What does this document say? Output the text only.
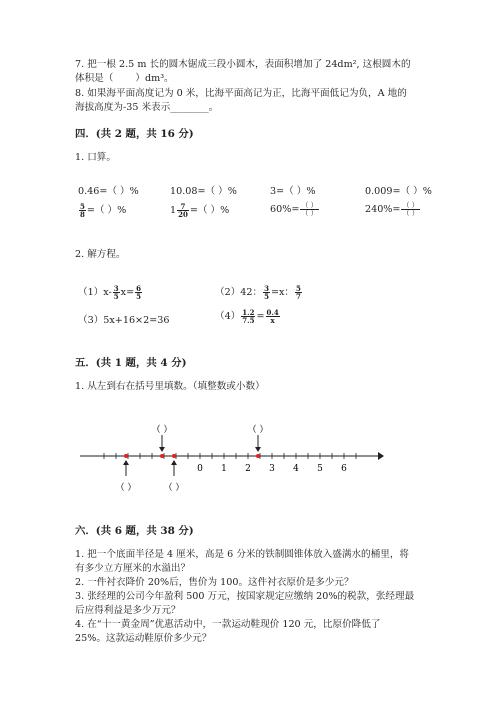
7. 把一根 2.5 m 长的圆木锯成三段小圆木，表面积增加了 24dm², 这根圆木的
体积是（ ）dm³。
8. 如果海平面高度记为 0 米，比海平面高记为正，比海平面低记为负，A 地的
海拔高度为-35 米表示________。
四．(共 2 题，共 16 分)
1. 口算。
0.46=（ ）%	10.08=（ ）%	3=（ ）%	0.009=（ ）%
$\frac{5}{8}$ =（ ）%	$1 \frac{7}{20}$ =（ ）%	$60\%= \frac{( )}{( )}$	$240\%= \frac{( )}{( )}$
2. 解方程。
$(1)x- \frac{3}{5} x= \frac{6}{5}$	（2）42： $\frac{3}{5} =x$： $\frac{5}{7}$
（3）5x+16×2=36	$(4) \frac{1.2}{7.5} = \frac{0.4}{x}$
五．(共 1 题，共 4 分)
1. 从左到右在括号里填数。（填整数或小数）
0 1 2 3 4 5 6
（ ）	（ ）
（ ）	（ ）
六．(共 6 题，共 38 分)
1. 把一个底面半径是 4 厘米，高是 6 分米的铁制圆锥体放入盛满水的桶里，将
有多少立方厘米的水溢出？
2. 一件衬衣降价 20%后，售价为 100。这件衬衣原价是多少元？
3. 张经理的公司今年盈利 500 万元，按国家规定应缴纳 20%的税款，张经理最
后应得利益是多少万元？
4. 在“十一黄金周”优惠活动中，一款运动鞋现价 120 元，比原价降低了
25%。这款运动鞋原价多少元？
